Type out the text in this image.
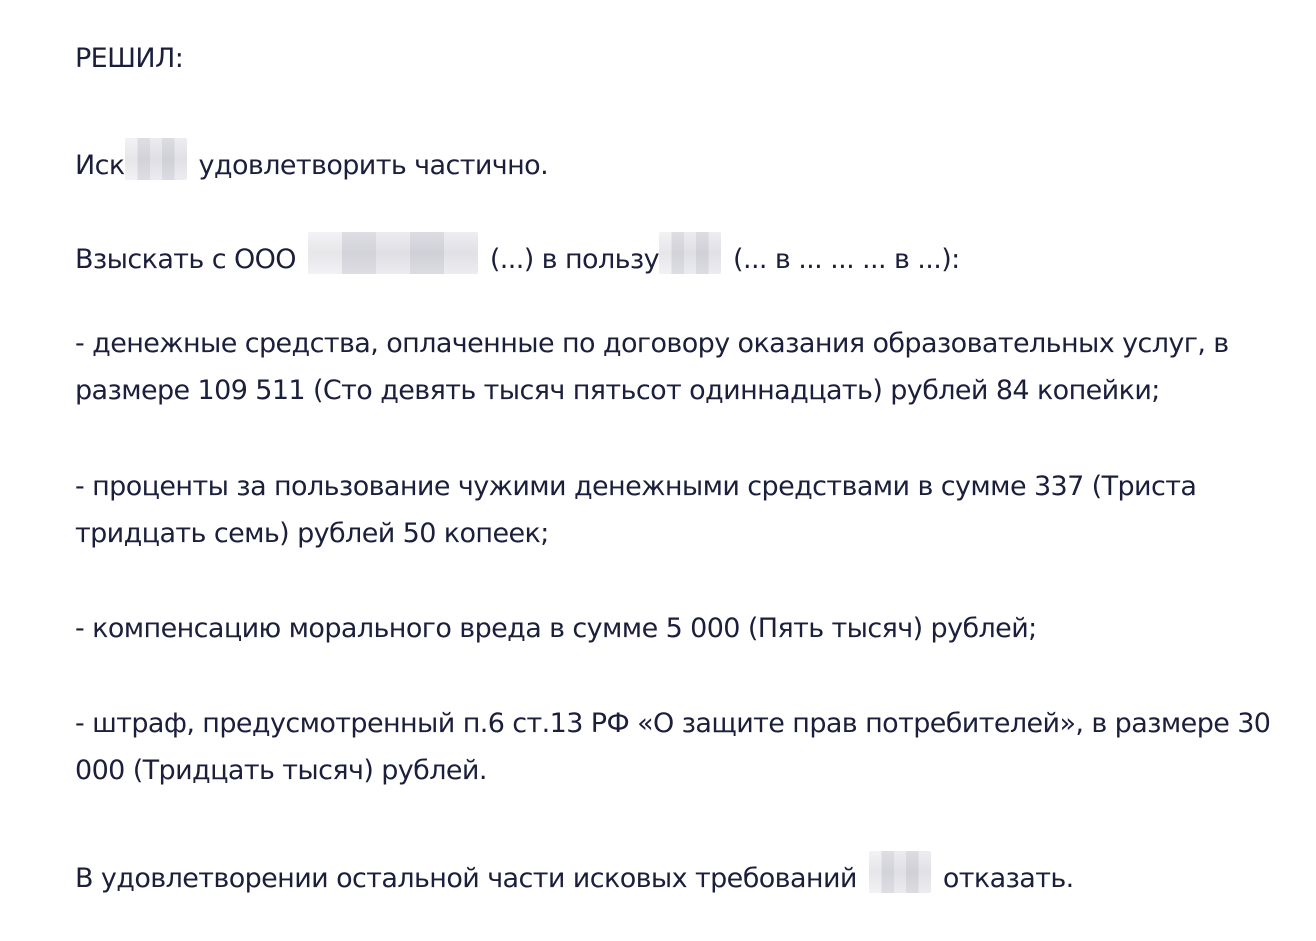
РЕШИЛ:
Иск	удовлетворить частично.
Взыскать с ООО	(...) в пользу	(... в ... ... ... в ...):
- денежные средства, оплаченные по договору оказания образовательных услуг, в
размере 109 511 (Сто девять тысяч пятьсот одиннадцать) рублей 84 копейки;
- проценты за пользование чужими денежными средствами в сумме 337 (Триста
тридцать семь) рублей 50 копеек;
- компенсацию морального вреда в сумме 5 000 (Пять тысяч) рублей;
- штраф, предусмотренный п.6 ст.13 РФ «О защите прав потребителей», в размере 30
000 (Тридцать тысяч) рублей.
В удовлетворении остальной части исковых требований	отказать.
